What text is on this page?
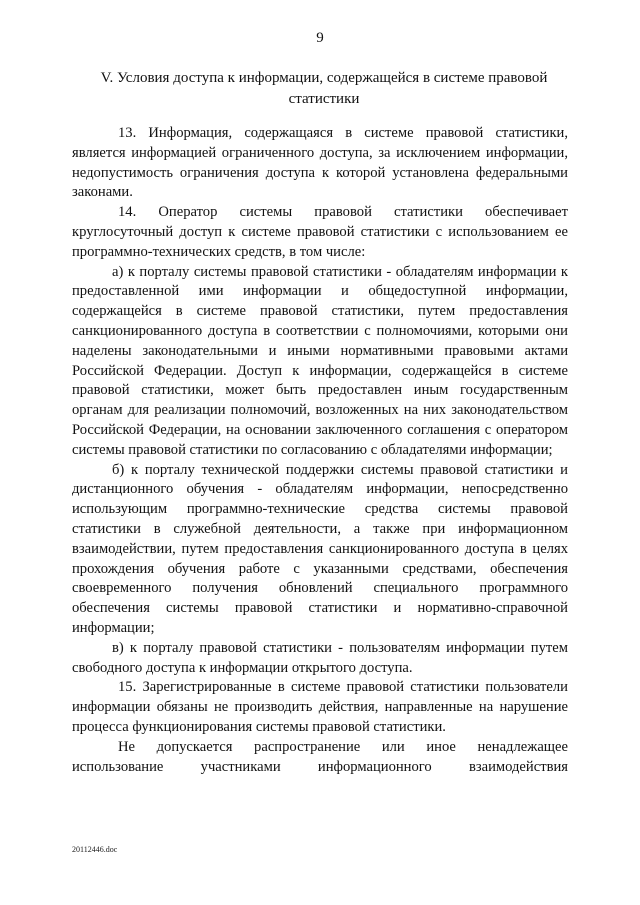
9
V. Условия доступа к информации, содержащейся в системе правовой статистики

13. Информация, содержащаяся в системе правовой статистики, является информацией ограниченного доступа, за исключением информации, недопустимость ограничения доступа к которой установлена федеральными законами.

14. Оператор системы правовой статистики обеспечивает круглосуточный доступ к системе правовой статистики с использованием ее программно-технических средств, в том числе:

а) к порталу системы правовой статистики - обладателям информации к предоставленной ими информации и общедоступной информации, содержащейся в системе правовой статистики, путем предоставления санкционированного доступа в соответствии с полномочиями, которыми они наделены законодательными и иными нормативными правовыми актами Российской Федерации. Доступ к информации, содержащейся в системе правовой статистики, может быть предоставлен иным государственным органам для реализации полномочий, возложенных на них законодательством Российской Федерации, на основании заключенного соглашения с оператором системы правовой статистики по согласованию с обладателями информации;

б) к порталу технической поддержки системы правовой статистики и дистанционного обучения - обладателям информации, непосредственно использующим программно-технические средства системы правовой статистики в служебной деятельности, а также при информационном взаимодействии, путем предоставления санкционированного доступа в целях прохождения обучения работе с указанными средствами, обеспечения своевременного получения обновлений специального программного обеспечения системы правовой статистики и нормативно-справочной информации;

в) к порталу правовой статистики - пользователям информации путем свободного доступа к информации открытого доступа.

15. Зарегистрированные в системе правовой статистики пользователи информации обязаны не производить действия, направленные на нарушение процесса функционирования системы правовой статистики.

Не допускается распространение или иное ненадлежащее использование участниками информационного взаимодействия

20112446.doc
